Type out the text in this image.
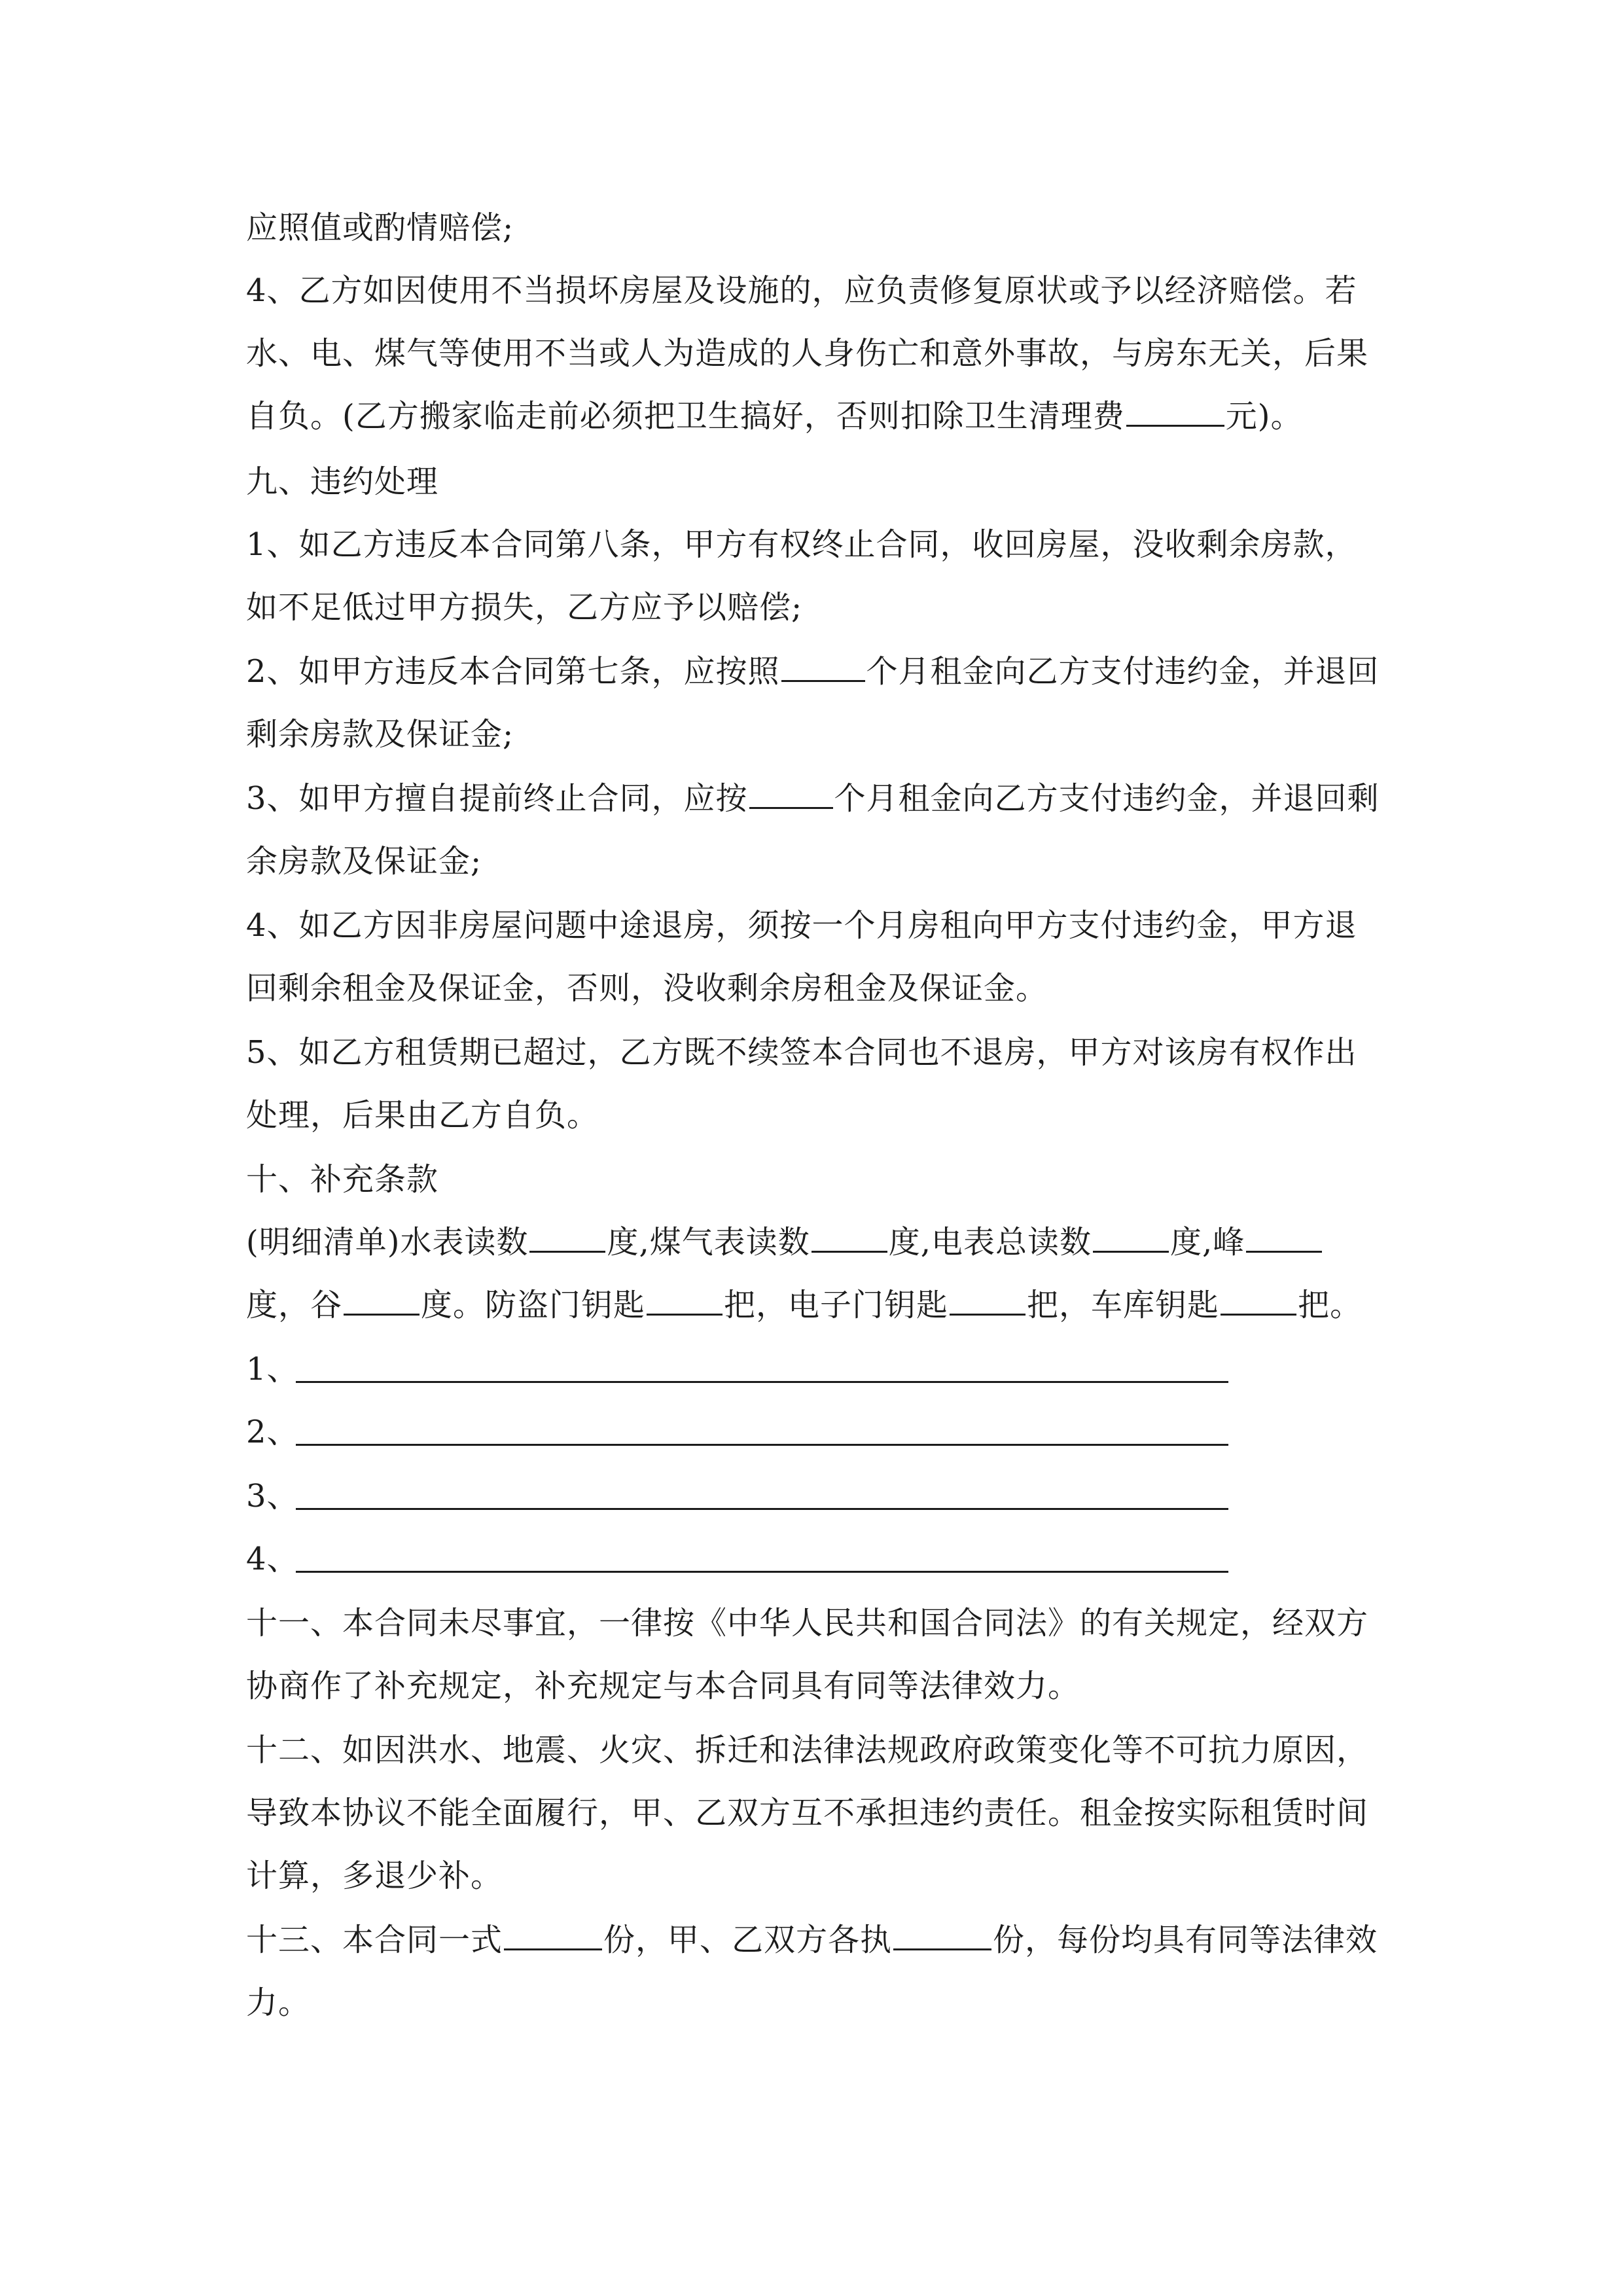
应照值或酌情赔偿;
4、乙方如因使用不当损坏房屋及设施的，应负责修复原状或予以经济赔偿。若
水、电、煤气等使用不当或人为造成的人身伤亡和意外事故，与房东无关，后果
自负。(乙方搬家临走前必须把卫生搞好，否则扣除卫生清理费	元)。
九、违约处理
1、如乙方违反本合同第八条，甲方有权终止合同，收回房屋，没收剩余房款，
如不足低过甲方损失，乙方应予以赔偿;
2、如甲方违反本合同第七条，应按照	个月租金向乙方支付违约金，并退回
剩余房款及保证金;
3、如甲方擅自提前终止合同，应按	个月租金向乙方支付违约金，并退回剩
余房款及保证金;
4、如乙方因非房屋问题中途退房，须按一个月房租向甲方支付违约金，甲方退
回剩余租金及保证金，否则，没收剩余房租金及保证金。
5、如乙方租赁期已超过，乙方既不续签本合同也不退房，甲方对该房有权作出
处理，后果由乙方自负。
十、补充条款
(明细清单)水表读数	度,煤气表读数	度,电表总读数	度,峰
度，谷	度。防盗门钥匙	把，电子门钥匙	把，车库钥匙	把。
1、
2、
3、
4、
十一、本合同未尽事宜，一律按《中华人民共和国合同法》的有关规定，经双方
协商作了补充规定，补充规定与本合同具有同等法律效力。
十二、如因洪水、地震、火灾、拆迁和法律法规政府政策变化等不可抗力原因，
导致本协议不能全面履行，甲、乙双方互不承担违约责任。租金按实际租赁时间
计算，多退少补。
十三、本合同一式	份，甲、乙双方各执	份，每份均具有同等法律效
力。
